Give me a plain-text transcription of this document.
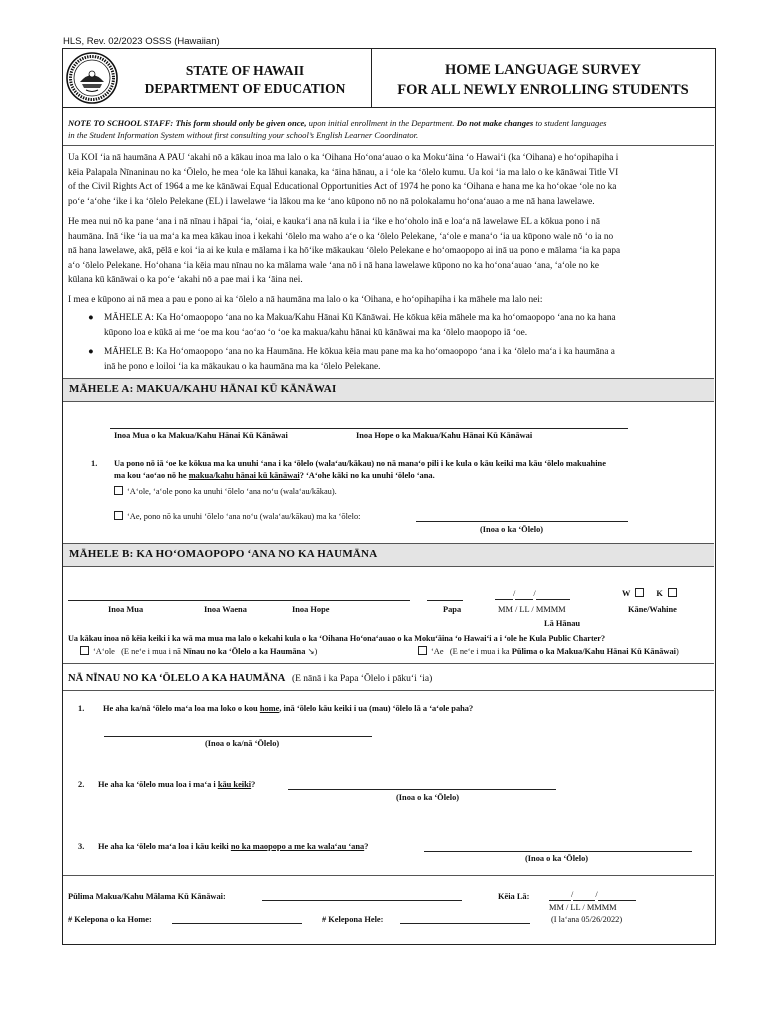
HLS, Rev. 02/2023 OSSS (Hawaiian)
STATE OF HAWAII
DEPARTMENT OF EDUCATION
HOME LANGUAGE SURVEY
FOR ALL NEWLY ENROLLING STUDENTS
NOTE TO SCHOOL STAFF: This form should only be given once, upon initial enrollment in the Department. Do not make changes to student languages
in the Student Information System without first consulting your school’s English Learner Coordinator.
Ua KOI ‘ia nā haumāna A PAU ‘akahi nō a kākau inoa ma lalo o ka ‘Oihana Ho‘ona‘auao o ka Moku‘āina ‘o Hawai‘i (ka ‘Oihana) e ho‘opihapiha i
kēia Palapala Nīnaninau no ka ‘Ōlelo, he mea ‘ole ka lāhui kanaka, ka ‘āina hānau, a i ‘ole ka ‘ōlelo kumu. Ua koi ‘ia ma lalo o ke kānāwai Title VI
of the Civil Rights Act of 1964 a me ke kānāwai Equal Educational Opportunities Act of 1974 he pono ka ‘Oihana e hana me ka ho‘okae ‘ole no ka
po‘e ‘a‘ohe ‘ike i ka ‘ōlelo Pelekane (EL) i lawelawe ‘ia lākou ma ke ‘ano kūpono nō no nā polokalamu ho‘ona‘auao a me nā hana lawelawe.
He mea nui nō ka pane ‘ana i nā nīnau i hāpai ‘ia, ‘oiai, e kauka‘i ana nā kula i ia ‘ike e ho‘oholo inā e loa‘a nā lawelawe EL a kōkua pono i nā
haumāna. Inā ‘ike ‘ia ua ma‘a ka mea kākau inoa i kekahi ‘ōlelo ma waho a‘e o ka ‘ōlelo Pelekane, ‘a‘ole e mana‘o ‘ia ua kūpono wale nō ‘o ia no
nā hana lawelawe, akā, pēlā e koi ‘ia ai ke kula e mālama i ka hō‘ike mākaukau ‘ōlelo Pelekane e ho‘omaopopo ai inā ua pono e mālama ‘ia ka papa
a‘o ‘ōlelo Pelekane. Ho‘ohana ‘ia kēia mau nīnau no ka mālama wale ‘ana nō i nā hana lawelawe kūpono no ka ho‘ona‘auao ‘ana, ‘a‘ole no ke
kūlana kū kānāwai o ka po‘e ‘akahi nō a pae mai i ka ‘āina nei.
I mea e kūpono ai nā mea a pau e pono ai ka ‘ōlelo a nā haumāna ma lalo o ka ‘Oihana, e ho‘opihapiha i ka māhele ma lalo nei:
● MĀHELE A: Ka Ho‘omaopopo ‘ana no ka Makua/Kahu Hānai Kū Kānāwai. He kōkua kēia māhele ma ka ho‘omaopopo ‘ana no ka hana
kūpono loa e kūkā ai me ‘oe ma kou ‘ao‘ao ‘o ‘oe ka makua/kahu hānai kū kānāwai ma ka ‘ōlelo maopopo iā ‘oe.
● MĀHELE B: Ka Ho‘omaopopo ‘ana no ka Haumāna. He kōkua kēia mau pane ma ka ho‘omaopopo ‘ana i ka ‘ōlelo ma‘a i ka haumāna a
inā he pono e loiloi ‘ia ka mākaukau o ka haumāna ma ka ‘ōlelo Pelekane.
MĀHELE A: MAKUA/KAHU HĀNAI KŪ KĀNĀWAI
Inoa Mua o ka Makua/Kahu Hānai Kū Kānāwai	Inoa Hope o ka Makua/Kahu Hānai Kū Kānāwai
1. Ua pono nō iā ‘oe ke kōkua ma ka unuhi ‘ana i ka ‘ōlelo (wala‘au/kākau) no nā mana‘o pili i ke kula o kāu keiki ma kāu ‘ōlelo makuahine
ma kou ‘ao‘ao nō he makua/kahu hānai kū kānāwai? ‘A‘ohe kāki no ka unuhi ‘ōlelo ‘ana.
‘A‘ole, ‘a‘ole pono ka unuhi ‘ōlelo ‘ana no‘u (wala‘au/kākau).
‘Ae, pono nō ka unuhi ‘ōlelo ‘ana no‘u (wala‘au/kākau) ma ka ‘ōlelo:
(Inoa o ka ‘Ōlelo)
MĀHELE B: KA HO‘OMAOPOPO ‘ANA NO KA HAUMĀNA
/ /	W	K
Inoa Mua	Inoa Waena	Inoa Hope	Papa	MM / LL / MMMM	Kāne/Wahine
Lā Hānau
Ua kākau inoa nō kēia keiki i ka wā ma mua ma lalo o kekahi kula o ka ‘Oihana Ho‘ona‘auao o ka Moku‘āina ‘o Hawai‘i a i ‘ole he Kula Public Charter?
‘A‘ole (E ne‘e i mua i nā Nīnau no ka ‘Ōlelo a ka Haumāna ↘)	‘Ae (E ne‘e i mua i ka Pūlima o ka Makua/Kahu Hānai Kū Kānāwai)
NĀ NĪNAU NO KA ‘ŌLELO A KA HAUMĀNA (E nānā i ka Papa ‘Ōlelo i pāku‘i ‘ia)
1. He aha ka/nā ‘ōlelo ma‘a loa ma loko o kou home, inā ‘ōlelo kāu keiki i ua (mau) ‘ōlelo lā a ‘a‘ole paha?
(Inoa o ka/nā ‘Ōlelo)
2. He aha ka ‘ōlelo mua loa i ma‘a i kāu keiki?
(Inoa o ka ‘Ōlelo)
3. He aha ka ‘ōlelo ma‘a loa i kāu keiki no ka maopopo a me ka wala‘au ‘ana?
(Inoa o ka ‘Ōlelo)
Pūlima Makua/Kahu Mālama Kū Kānāwai:	Kēia Lā:	/	/
MM / LL / MMMM
# Kelepona o ka Home:	# Kelepona Hele:	(I la‘ana 05/26/2022)
